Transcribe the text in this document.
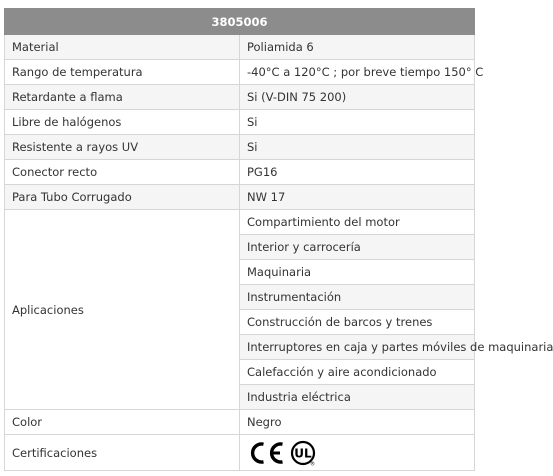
3805006	
Material	Poliamida 6
Rango de temperatura	-40°C a 120°C ; por breve tiempo 150° C
Retardante a flama	Si (V-DIN 75 200)
Libre de halógenos	Si
Resistente a rayos UV	Si
Conector recto	PG16
Para Tubo Corrugado	NW 17
Aplicaciones	Compartimiento del motor
	Interior y carrocería
	Maquinaria
	Instrumentación
	Construcción de barcos y trenes
	Interruptores en caja y partes móviles de maquinaria
	Calefacción y aire acondicionado
	Industria eléctrica
Color	Negro
Certificaciones	UL
®
